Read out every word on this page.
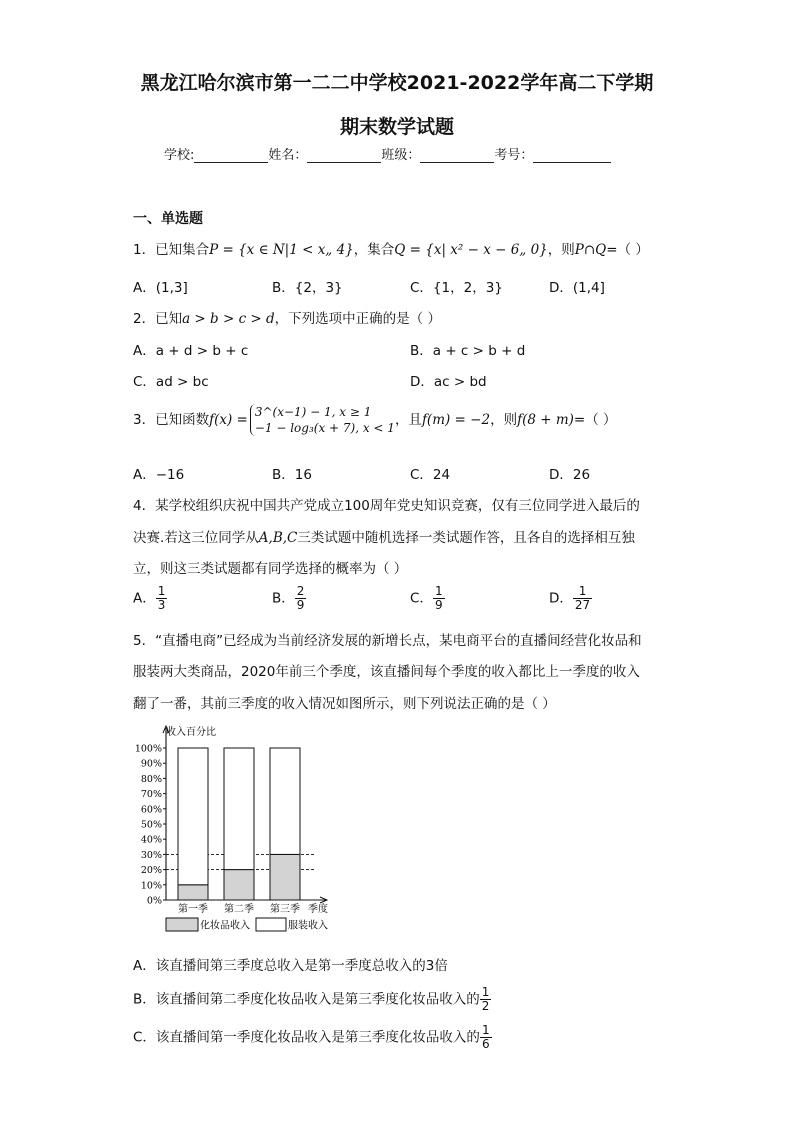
黑龙江哈尔滨市第一二二中学校2021-2022学年高二下学期
期末数学试题
学校:	姓名：	班级：	考号：
一、单选题
1．已知集合P = {x ∈ N|1 < x„ 4}，集合Q = {x| x² − x − 6„ 0}，则P∩Q=（ ）
A．(1,3]	B．{2，3}	C．{1，2，3}	D．(1,4]
2．已知a > b > c > d，下列选项中正确的是（ ）
A．a + d > b + c	B．a + c > b + d
C．ad > bc	D．ac > bd
3．已知函数f(x) =
3^(x−1) − 1, x ≥ 1
−1 − log₃(x + 7), x < 1 ，且f(m) = −2，则f(8 + m)=（ ）
A．−16	B．16	C．24	D．26
4．某学校组织庆祝中国共产党成立100周年党史知识竞赛，仅有三位同学进入最后的
决赛.若这三位同学从A,B,C三类试题中随机选择一类试题作答，且各自的选择相互独
立，则这三类试题都有同学选择的概率为（ ）
A． $\frac{1}{3}$	B． $\frac{2}{9}$	C． $\frac{1}{9}$	D． $\frac{1}{27}$
5．“直播电商”已经成为当前经济发展的新增长点，某电商平台的直播间经营化妆品和
服装两大类商品，2020年前三个季度，该直播间每个季度的收入都比上一季度的收入
翻了一番，其前三季度的收入情况如图所示，则下列说法正确的是（ ）
收入百分比
季度
0%
10%
20%
30%
40%
50%
60%
70%
80%
90%
100%
第一季 第二季 第三季
化妆品收入	服装收入
A．该直播间第三季度总收入是第一季度总收入的3倍
B．该直播间第二季度化妆品收入是第三季度化妆品收入的 $\frac{1}{2}$
C．该直播间第一季度化妆品收入是第三季度化妆品收入的 $\frac{1}{6}$
